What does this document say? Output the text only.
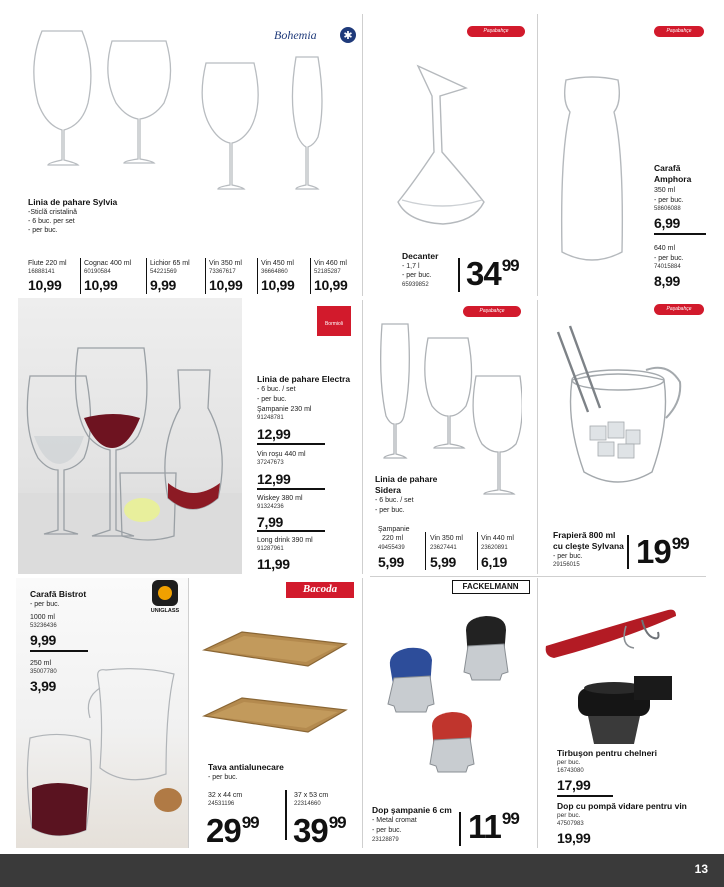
Bohemia ✱
Linia de pahare Sylvia
-Sticlă cristalină
- 6 buc. per set
- per buc.
Flute 220 ml
16888141
10,99
Cognac 400 ml
60190584
10,99
Lichior 65 ml
54221569
9,99
Vin 350 ml
73367617
10,99
Vin 450 ml
36664860
10,99
Vin 460 ml
52185287
10,99
Paşabahçe
Decanter
- 1,7 l
- per buc.
65939852 $34^{99}$
Paşabahçe
Carafă
Amphora
350 ml
- per buc.
58606088
6,99
640 ml
- per buc.
74015884
8,99
Bormioli
Linia de pahare Electra
- 6 buc. / set
- per buc.
Şampanie 230 ml
91248781
12,99
Vin roşu 440 ml
37247673
12,99
Wiskey 380 ml
91324236
7,99
Long drink 390 ml
91287961
11,99
Paşabahçe
Linia de pahare
Sidera
- 6 buc. / set
- per buc.
Şampanie
220 ml
49455439
5,99
Vin 350 ml
23627441
5,99
Vin 440 ml
23620891
6,19
Paşabahçe
Frapieră 800 ml
cu cleşte Sylvana
- per buc.
29156015 $19^{99}$
UNIGLASS
Carafă Bistrot
- per buc.
1000 ml
53236436
9,99
250 ml
35007780
3,99
Bacoda
Tava antialunecare
- per buc.
32 x 44 cm
24531196
$29^{99}$
37 x 53 cm
22314660
$39^{99}$
FACKELMANN
Dop şampanie 6 cm
- Metal cromat
- per buc.
23128879 $11^{99}$
Tirbuşon pentru chelneri
per buc.
16743080
17,99
Dop cu pompă vidare pentru vin
per buc.
47507983
19,99
13
